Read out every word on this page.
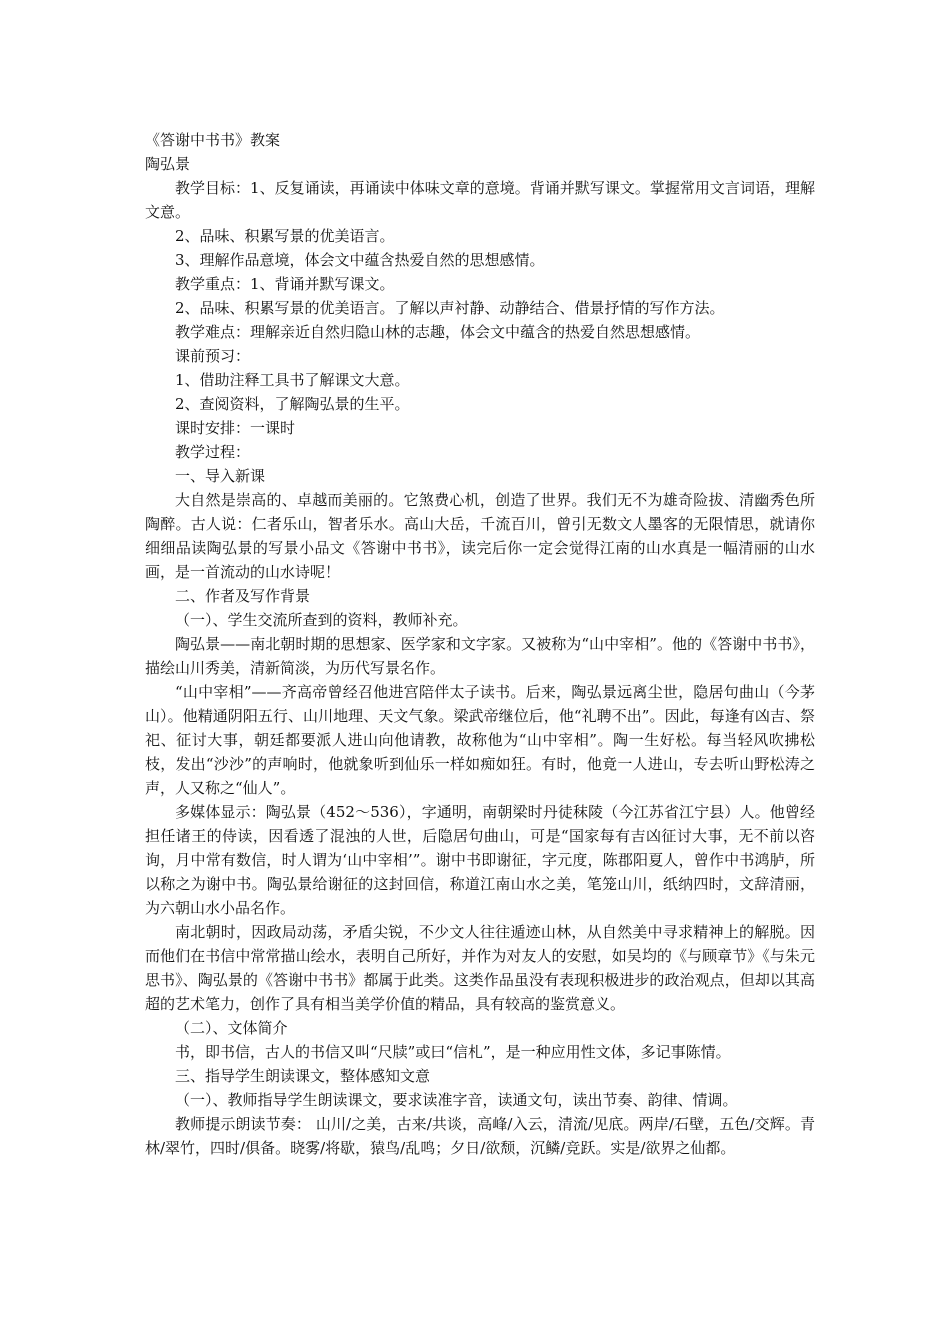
《答谢中书书》教案

陶弘景

教学目标：1、反复诵读，再诵读中体味文章的意境。背诵并默写课文。掌握常用文言词语，理解文意。

2、品味、积累写景的优美语言。

3、理解作品意境，体会文中蕴含热爱自然的思想感情。

教学重点：1、背诵并默写课文。

2、品味、积累写景的优美语言。了解以声衬静、动静结合、借景抒情的写作方法。

教学难点：理解亲近自然归隐山林的志趣，体会文中蕴含的热爱自然思想感情。

课前预习：

1、借助注释工具书了解课文大意。

2、查阅资料，了解陶弘景的生平。

课时安排：一课时

教学过程：

一、导入新课

大自然是崇高的、卓越而美丽的。它煞费心机，创造了世界。我们无不为雄奇险拔、清幽秀色所陶醉。古人说：仁者乐山，智者乐水。高山大岳，千流百川，曾引无数文人墨客的无限情思，就请你细细品读陶弘景的写景小品文《答谢中书书》，读完后你一定会觉得江南的山水真是一幅清丽的山水画，是一首流动的山水诗呢！

二、作者及写作背景

（一）、学生交流所查到的资料，教师补充。

陶弘景——南北朝时期的思想家、医学家和文字家。又被称为“山中宰相”。他的《答谢中书书》，描绘山川秀美，清新简淡，为历代写景名作。

“山中宰相”——齐高帝曾经召他进宫陪伴太子读书。后来，陶弘景远离尘世，隐居句曲山（今茅山）。他精通阴阳五行、山川地理、天文气象。梁武帝继位后，他“礼聘不出”。因此，每逢有凶吉、祭祀、征讨大事，朝廷都要派人进山向他请教，故称他为“山中宰相”。陶一生好松。每当轻风吹拂松枝，发出“沙沙”的声响时，他就象听到仙乐一样如痴如狂。有时，他竟一人进山，专去听山野松涛之声，人又称之“仙人”。

多媒体显示：陶弘景（452～536），字通明，南朝梁时丹徒秣陵（今江苏省江宁县）人。他曾经担任诸王的侍读，因看透了混浊的人世，后隐居句曲山，可是“国家每有吉凶征讨大事，无不前以咨询，月中常有数信，时人谓为‘山中宰相’”。谢中书即谢征，字元度，陈郡阳夏人，曾作中书鸿胪，所以称之为谢中书。陶弘景给谢征的这封回信，称道江南山水之美，笔笼山川，纸纳四时，文辞清丽，为六朝山水小品名作。

南北朝时，因政局动荡，矛盾尖锐，不少文人往往遁迹山林，从自然美中寻求精神上的解脱。因而他们在书信中常常描山绘水，表明自己所好，并作为对友人的安慰，如吴均的《与顾章节》《与朱元思书》、陶弘景的《答谢中书书》都属于此类。这类作品虽没有表现积极进步的政治观点，但却以其高超的艺术笔力，创作了具有相当美学价值的精品，具有较高的鉴赏意义。

（二）、文体简介

书，即书信，古人的书信又叫“尺牍”或曰“信札”，是一种应用性文体，多记事陈情。

三、指导学生朗读课文，整体感知文意

（一）、教师指导学生朗读课文，要求读准字音，读通文句，读出节奏、韵律、情调。

教师提示朗读节奏： 山川/之美，古来/共谈，高峰/入云，清流/见底。两岸/石壁，五色/交辉。青林/翠竹，四时/俱备。晓雾/将歇，猿鸟/乱鸣；夕日/欲颓，沉鳞/竞跃。实是/欲界之仙都。
